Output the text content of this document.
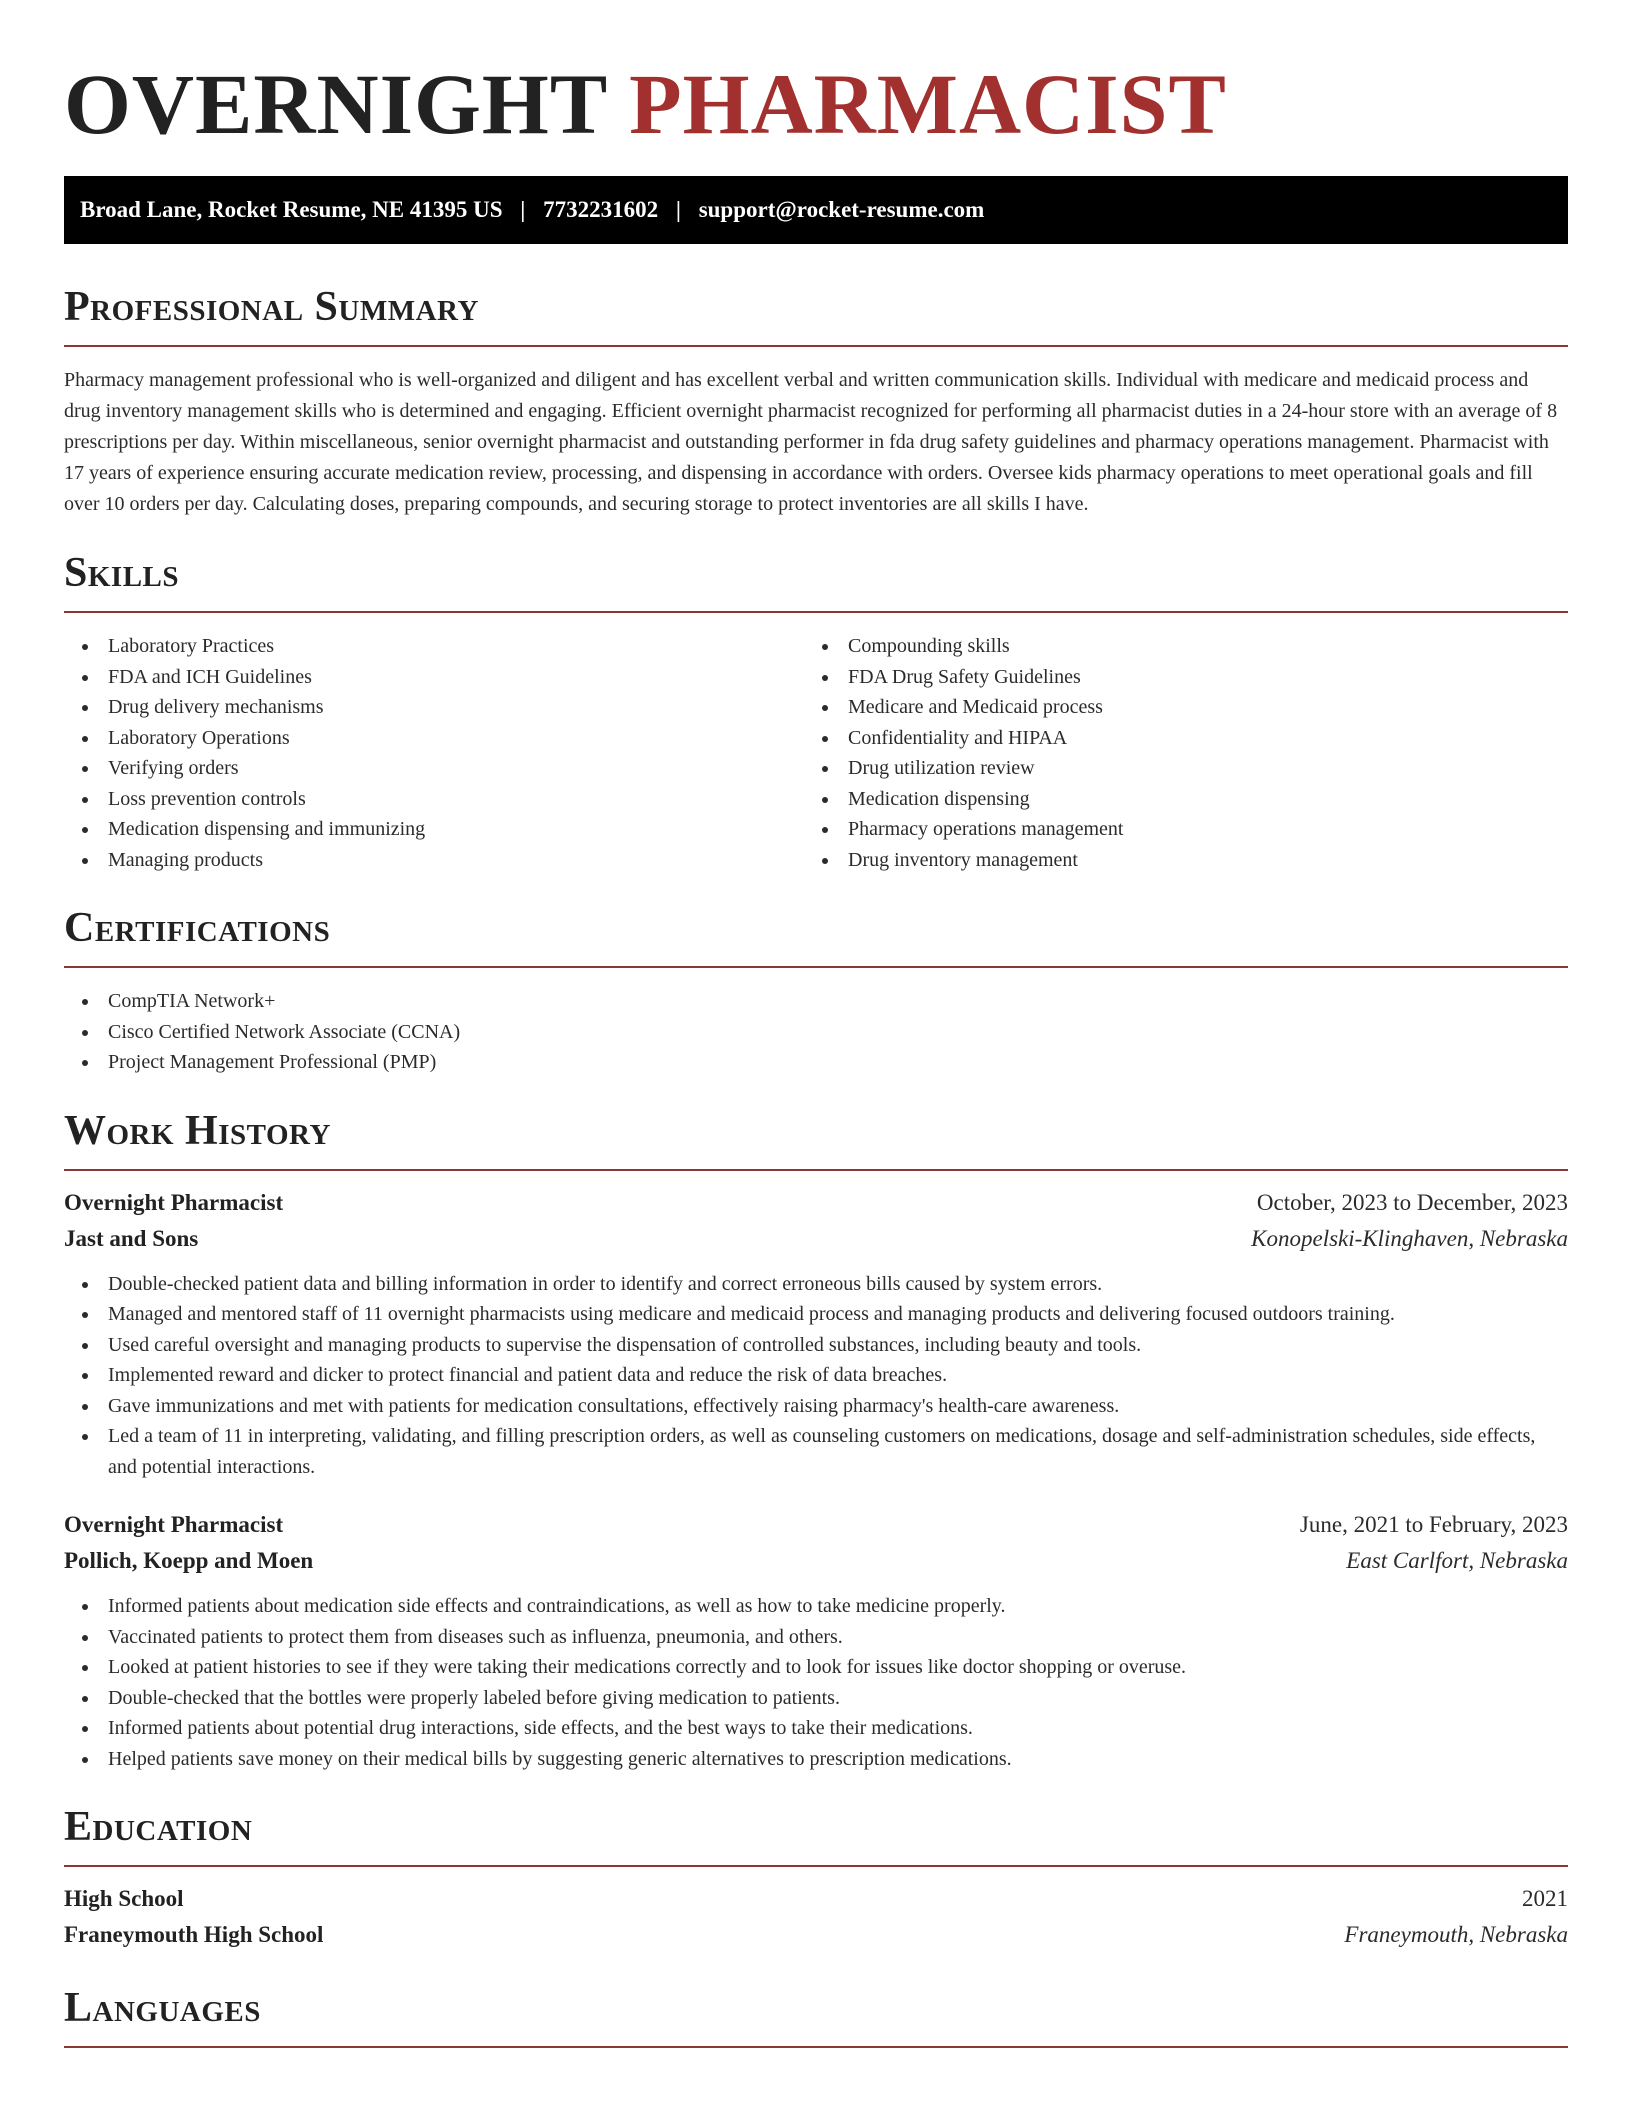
OVERNIGHT PHARMACIST
Broad Lane, Rocket Resume, NE 41395 US | 7732231602 | support@rocket-resume.com
Professional Summary

Pharmacy management professional who is well-organized and diligent and has excellent verbal and written communication skills. Individual with medicare and medicaid process and drug inventory management skills who is determined and engaging. Efficient overnight pharmacist recognized for performing all pharmacist duties in a 24-hour store with an average of 8 prescriptions per day. Within miscellaneous, senior overnight pharmacist and outstanding performer in fda drug safety guidelines and pharmacy operations management. Pharmacist with 17 years of experience ensuring accurate medication review, processing, and dispensing in accordance with orders. Oversee kids pharmacy operations to meet operational goals and fill over 10 orders per day. Calculating doses, preparing compounds, and securing storage to protect inventories are all skills I have.

Skills
Laboratory Practices
FDA and ICH Guidelines
Drug delivery mechanisms
Laboratory Operations
Verifying orders
Loss prevention controls
Medication dispensing and immunizing
Managing products
Compounding skills
FDA Drug Safety Guidelines
Medicare and Medicaid process
Confidentiality and HIPAA
Drug utilization review
Medication dispensing
Pharmacy operations management
Drug inventory management
Certifications
CompTIA Network+
Cisco Certified Network Associate (CCNA)
Project Management Professional (PMP)
Work History
Overnight Pharmacist	October, 2023 to December, 2023
Jast and Sons	Konopelski-Klinghaven, Nebraska
Double-checked patient data and billing information in order to identify and correct erroneous bills caused by system errors.
Managed and mentored staff of 11 overnight pharmacists using medicare and medicaid process and managing products and delivering focused outdoors training.
Used careful oversight and managing products to supervise the dispensation of controlled substances, including beauty and tools.
Implemented reward and dicker to protect financial and patient data and reduce the risk of data breaches.
Gave immunizations and met with patients for medication consultations, effectively raising pharmacy's health-care awareness.
Led a team of 11 in interpreting, validating, and filling prescription orders, as well as counseling customers on medications, dosage and self-administration schedules, side effects, and potential interactions.
Overnight Pharmacist	June, 2021 to February, 2023
Pollich, Koepp and Moen	East Carlfort, Nebraska
Informed patients about medication side effects and contraindications, as well as how to take medicine properly.
Vaccinated patients to protect them from diseases such as influenza, pneumonia, and others.
Looked at patient histories to see if they were taking their medications correctly and to look for issues like doctor shopping or overuse.
Double-checked that the bottles were properly labeled before giving medication to patients.
Informed patients about potential drug interactions, side effects, and the best ways to take their medications.
Helped patients save money on their medical bills by suggesting generic alternatives to prescription medications.
Education
High School	2021
Franeymouth High School	Franeymouth, Nebraska
Languages
